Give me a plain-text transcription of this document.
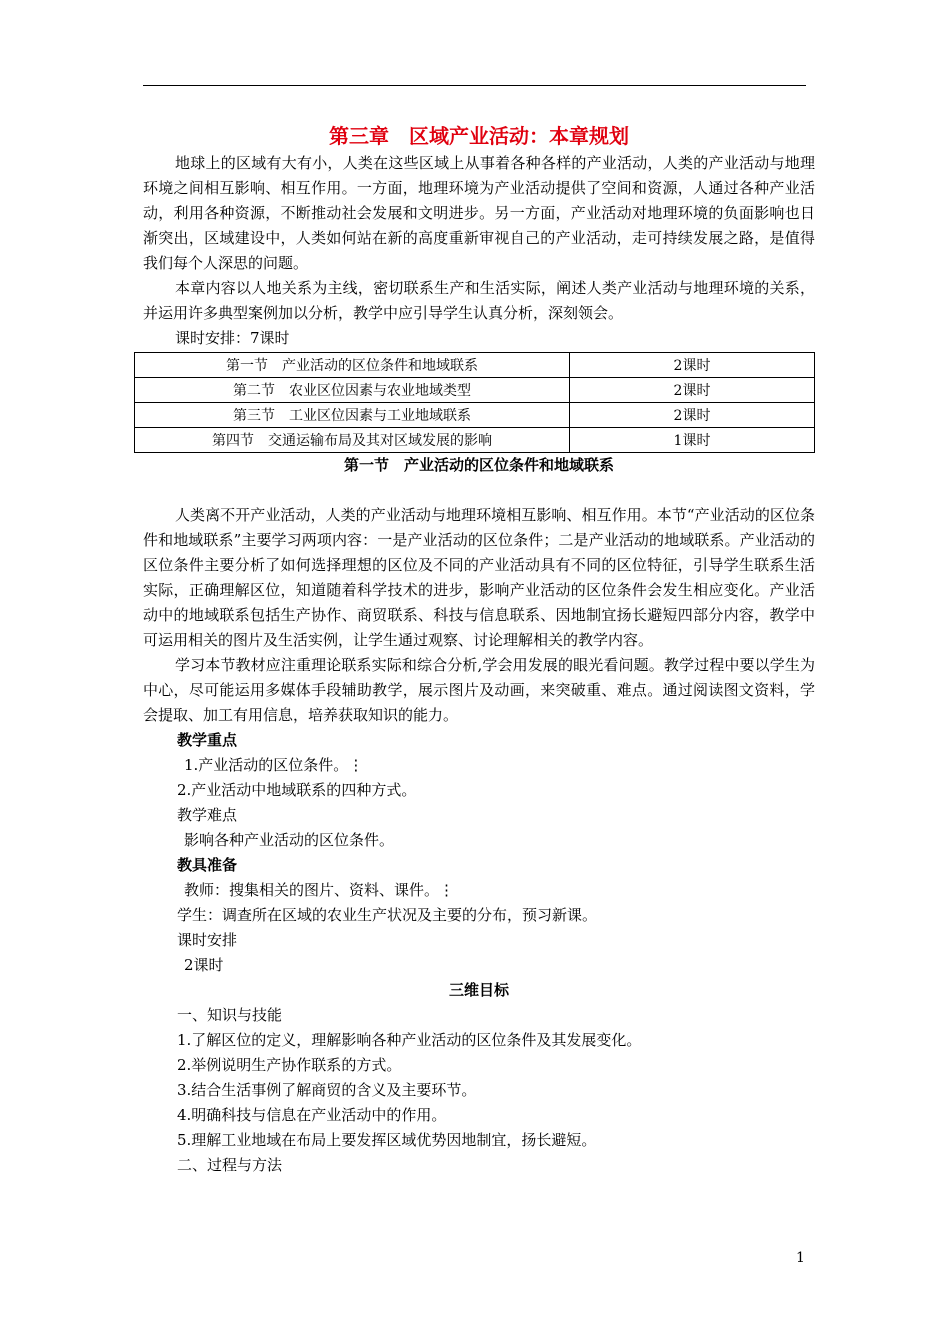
第三章　区域产业活动：本章规划

地球上的区域有大有小，人类在这些区域上从事着各种各样的产业活动，人类的产业活动与地理环境之间相互影响、相互作用。一方面，地理环境为产业活动提供了空间和资源，人通过各种产业活动，利用各种资源，不断推动社会发展和文明进步。另一方面，产业活动对地理环境的负面影响也日渐突出，区域建设中，人类如何站在新的高度重新审视自己的产业活动，走可持续发展之路，是值得我们每个人深思的问题。

本章内容以人地关系为主线，密切联系生产和生活实际，阐述人类产业活动与地理环境的关系，并运用许多典型案例加以分析，教学中应引导学生认真分析，深刻领会。

课时安排：7课时

第一节　产业活动的区位条件和地域联系	2课时
第二节　农业区位因素与农业地域类型	2课时
第三节　工业区位因素与工业地域联系	2课时
第四节　交通运输布局及其对区域发展的影响	1课时

第一节　产业活动的区位条件和地域联系

人类离不开产业活动，人类的产业活动与地理环境相互影响、相互作用。本节“产业活动的区位条件和地域联系”主要学习两项内容：一是产业活动的区位条件；二是产业活动的地域联系。产业活动的区位条件主要分析了如何选择理想的区位及不同的产业活动具有不同的区位特征，引导学生联系生活实际，正确理解区位，知道随着科学技术的进步，影响产业活动的区位条件会发生相应变化。产业活动中的地域联系包括生产协作、商贸联系、科技与信息联系、因地制宜扬长避短四部分内容，教学中可运用相关的图片及生活实例，让学生通过观察、讨论理解相关的教学内容。

学习本节教材应注重理论联系实际和综合分析,学会用发展的眼光看问题。教学过程中要以学生为中心，尽可能运用多媒体手段辅助教学，展示图片及动画，来突破重、难点。通过阅读图文资料，学会提取、加工有用信息，培养获取知识的能力。

教学重点

1.产业活动的区位条件。⋮

2.产业活动中地域联系的四种方式。

教学难点

影响各种产业活动的区位条件。

教具准备

教师：搜集相关的图片、资料、课件。⋮

学生：调查所在区域的农业生产状况及主要的分布，预习新课。

课时安排

2课时

三维目标

一、知识与技能

1.了解区位的定义，理解影响各种产业活动的区位条件及其发展变化。

2.举例说明生产协作联系的方式。

3.结合生活事例了解商贸的含义及主要环节。

4.明确科技与信息在产业活动中的作用。

5.理解工业地域在布局上要发挥区域优势因地制宜，扬长避短。

二、过程与方法

1
